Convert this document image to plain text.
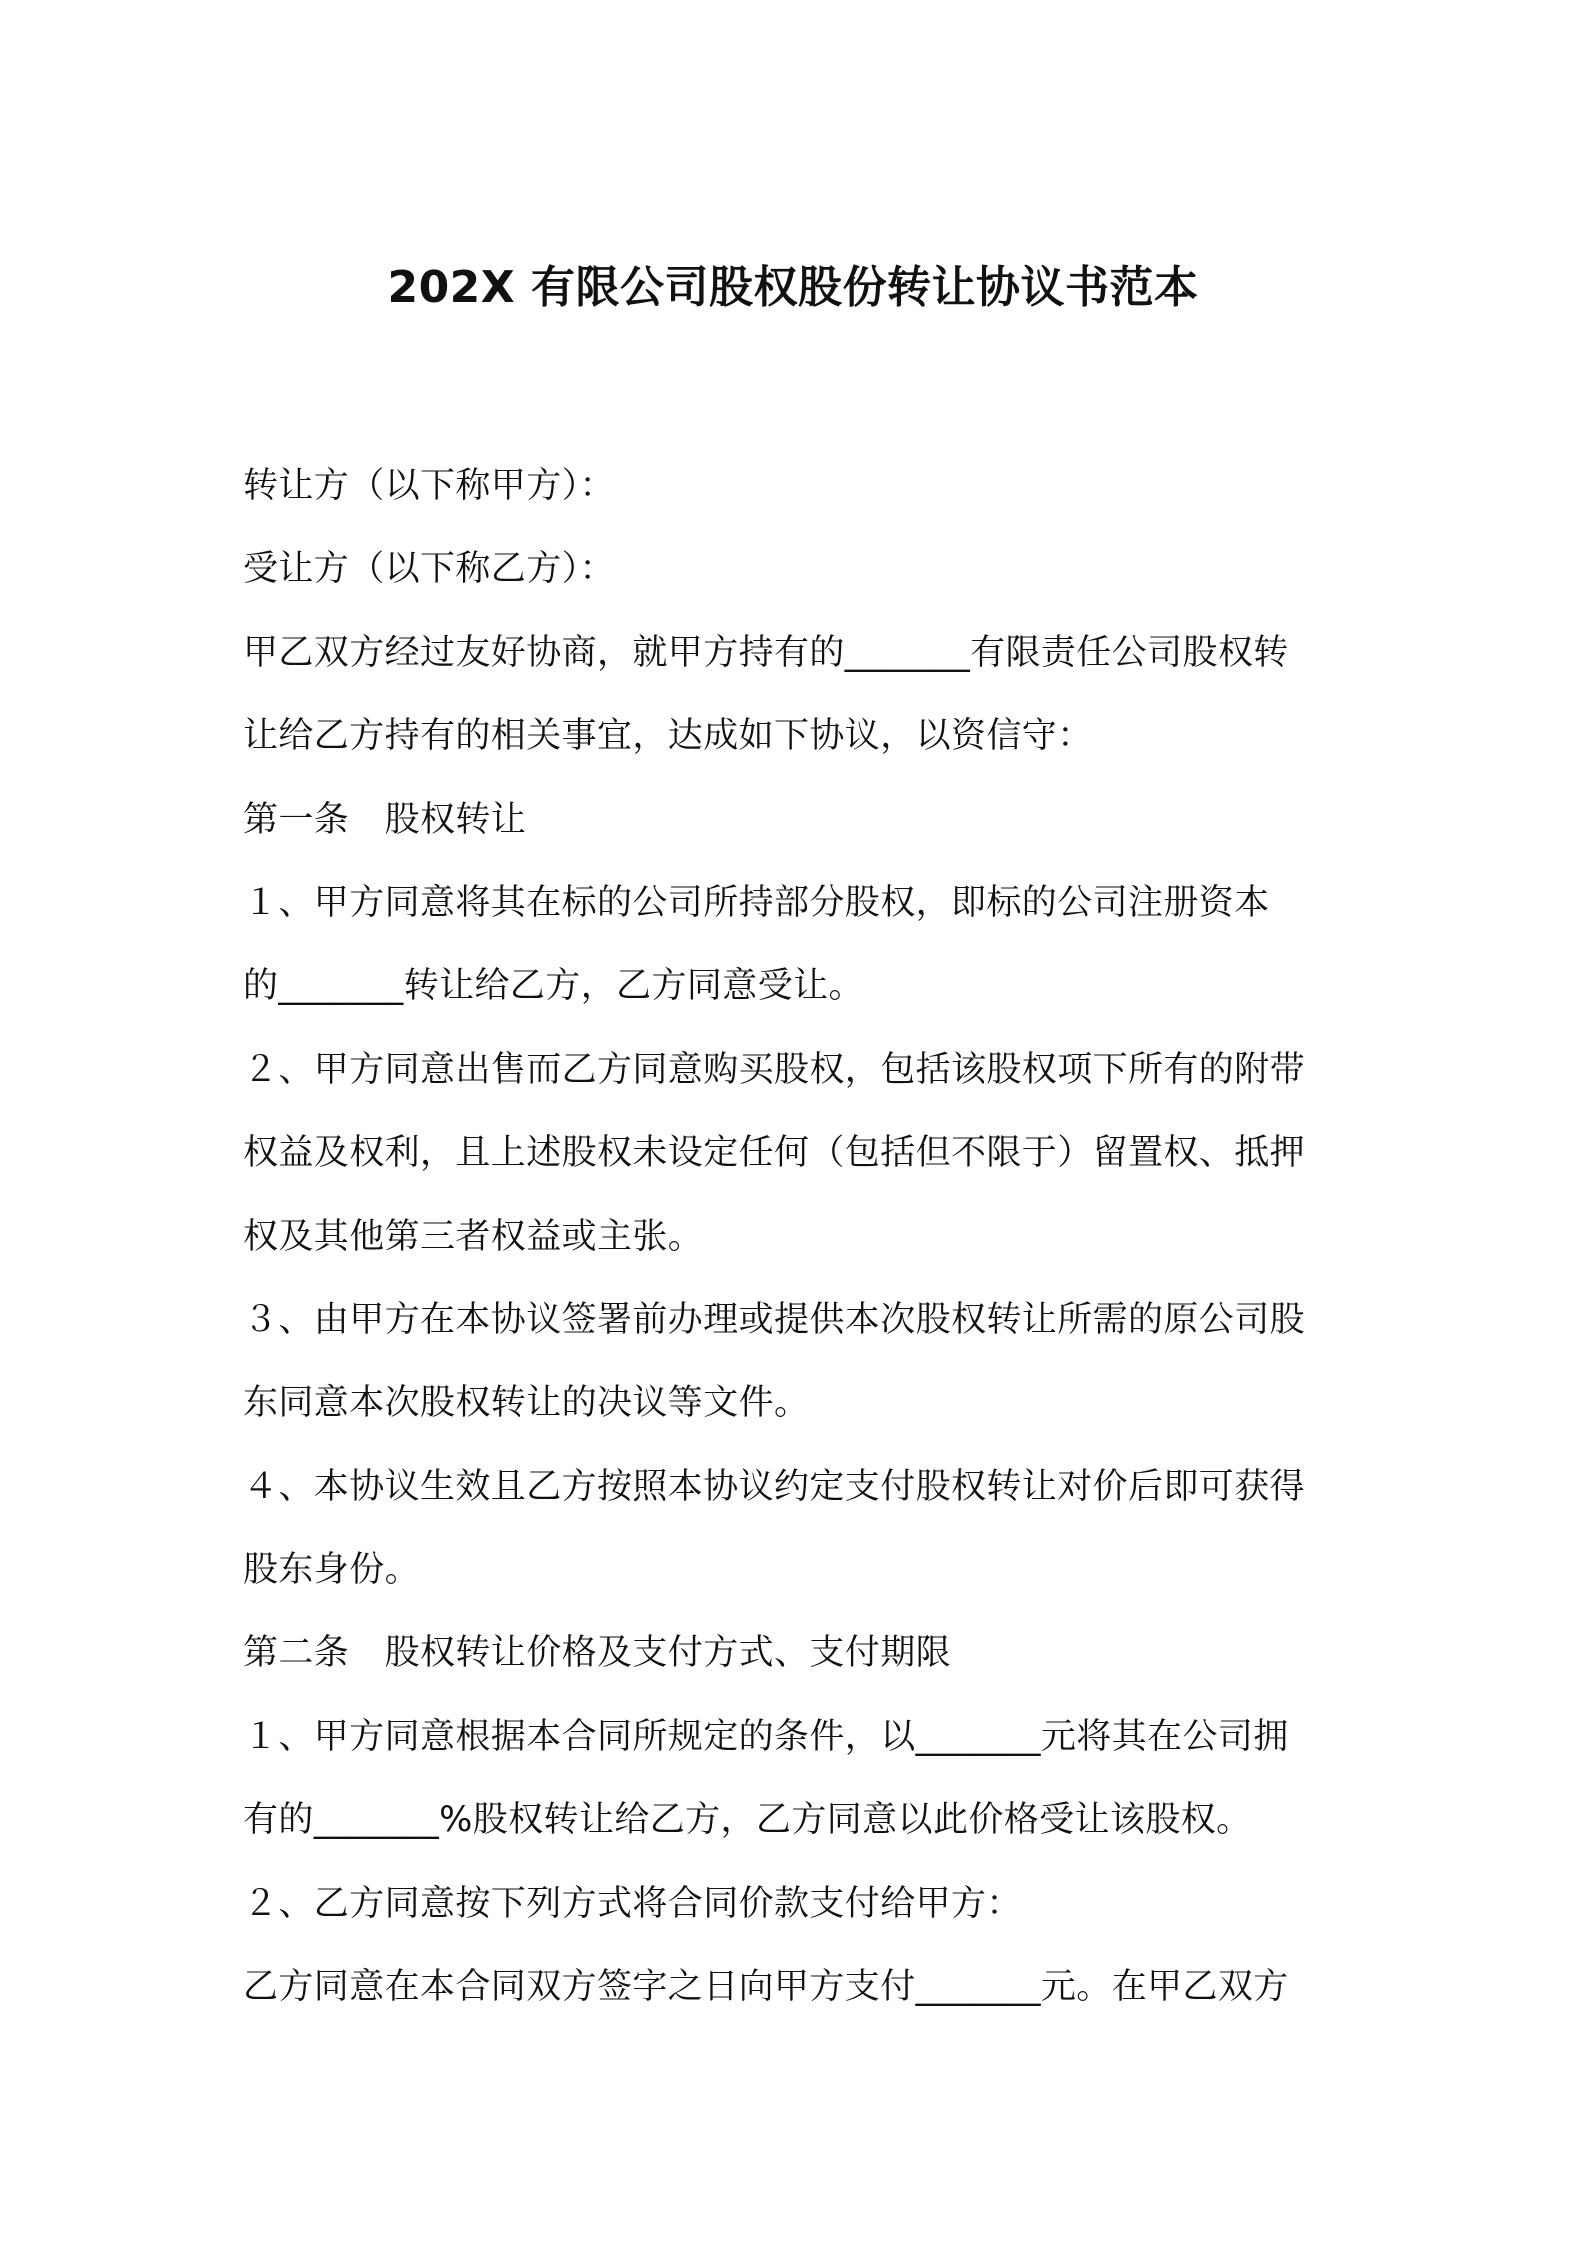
202X 有限公司股权股份转让协议书范本
转让方（以下称甲方）：
受让方（以下称乙方）：
甲乙双方经过友好协商，就甲方持有的_______有限责任公司股权转
让给乙方持有的相关事宜，达成如下协议，以资信守：
第一条　股权转让
１、甲方同意将其在标的公司所持部分股权，即标的公司注册资本
的_______转让给乙方，乙方同意受让。
２、甲方同意出售而乙方同意购买股权，包括该股权项下所有的附带
权益及权利，且上述股权未设定任何（包括但不限于）留置权、抵押
权及其他第三者权益或主张。
３、由甲方在本协议签署前办理或提供本次股权转让所需的原公司股
东同意本次股权转让的决议等文件。
４、本协议生效且乙方按照本协议约定支付股权转让对价后即可获得
股东身份。
第二条　股权转让价格及支付方式、支付期限
１、甲方同意根据本合同所规定的条件，以_______元将其在公司拥
有的_______%股权转让给乙方，乙方同意以此价格受让该股权。
２、乙方同意按下列方式将合同价款支付给甲方：
乙方同意在本合同双方签字之日向甲方支付_______元。在甲乙双方
